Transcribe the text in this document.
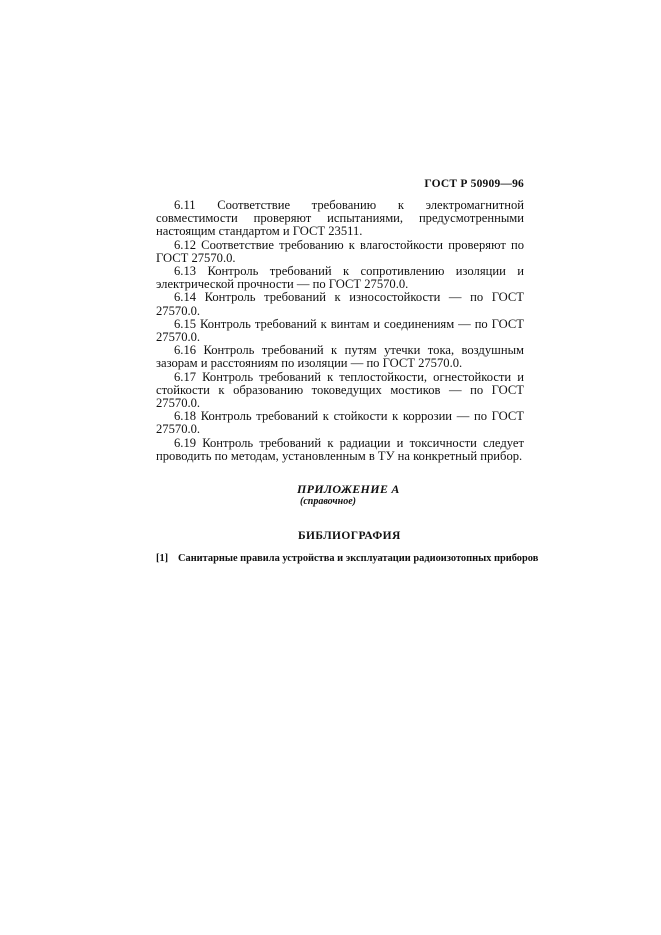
ГОСТ Р 50909—96

6.11 Соответствие требованию к электромагнитной совместимости проверяют испытаниями, предусмотренными настоящим стандартом и ГОСТ 23511.

6.12 Соответствие требованию к влагостойкости проверяют по ГОСТ 27570.0.

6.13 Контроль требований к сопротивлению изоляции и электрической прочности — по ГОСТ 27570.0.

6.14 Контроль требований к износостойкости — по ГОСТ 27570.0.

6.15 Контроль требований к винтам и соединениям — по ГОСТ 27570.0.

6.16 Контроль требований к путям утечки тока, воздушным зазорам и расстояниям по изоляции — по ГОСТ 27570.0.

6.17 Контроль требований к теплостойкости, огнестойкости и стойкости к образованию токоведущих мостиков — по ГОСТ 27570.0.

6.18 Контроль требований к стойкости к коррозии — по ГОСТ 27570.0.

6.19 Контроль требований к радиации и токсичности следует проводить по методам, установленным в ТУ на конкретный прибор.

ПРИЛОЖЕНИЕ А
(справочное)
БИБЛИОГРАФИЯ
[1] Санитарные правила устройства и эксплуатации радиоизотопных приборов
